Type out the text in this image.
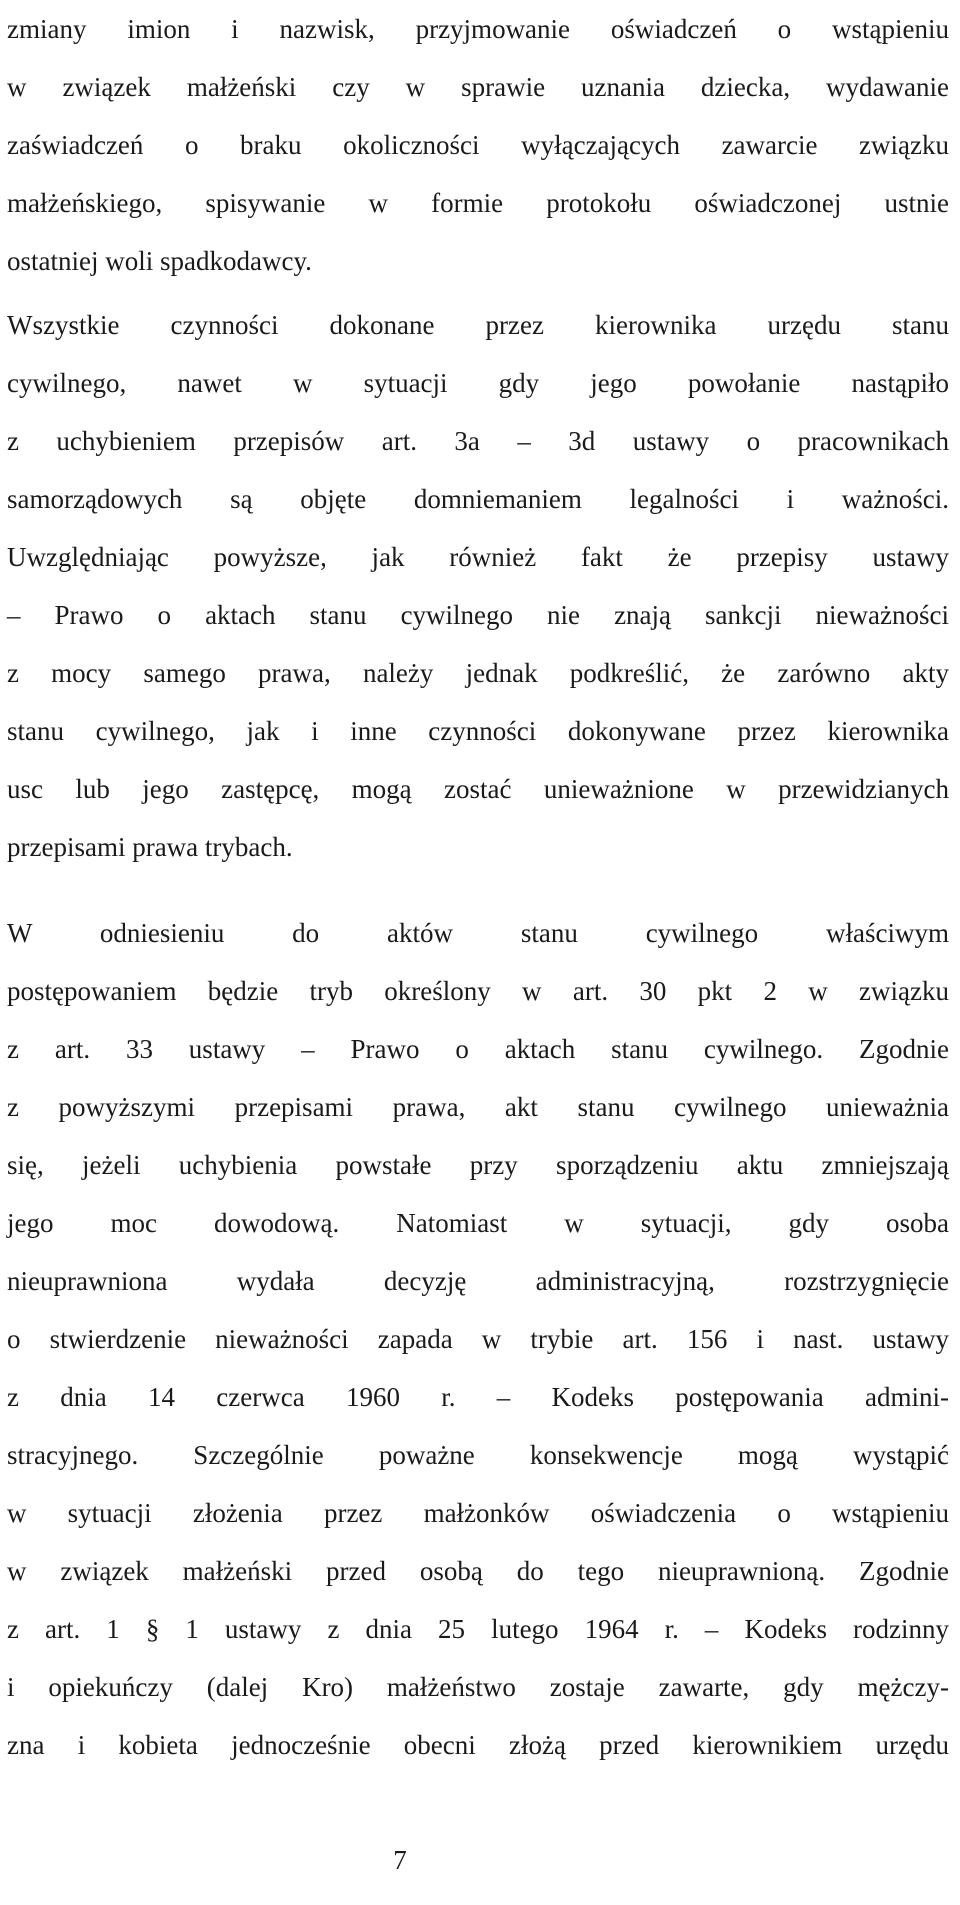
zmiany imion i nazwisk, przyjmowanie oświadczeń o wstąpieniu
w związek małżeński czy w sprawie uznania dziecka, wydawanie
zaświadczeń o braku okoliczności wyłączających zawarcie związku
małżeńskiego, spisywanie w formie protokołu oświadczonej ustnie
ostatniej woli spadkodawcy.
Wszystkie czynności dokonane przez kierownika urzędu stanu
cywilnego, nawet w sytuacji gdy jego powołanie nastąpiło
z uchybieniem przepisów art. 3a – 3d ustawy o pracownikach
samorządowych są objęte domniemaniem legalności i ważności.
Uwzględniając powyższe, jak również fakt że przepisy ustawy
– Prawo o aktach stanu cywilnego nie znają sankcji nieważności
z mocy samego prawa, należy jednak podkreślić, że zarówno akty
stanu cywilnego, jak i inne czynności dokonywane przez kierownika
usc lub jego zastępcę, mogą zostać unieważnione w przewidzianych
przepisami prawa trybach.
W odniesieniu do aktów stanu cywilnego właściwym
postępowaniem będzie tryb określony w art. 30 pkt 2 w związku
z art. 33 ustawy – Prawo o aktach stanu cywilnego. Zgodnie
z powyższymi przepisami prawa, akt stanu cywilnego unieważnia
się, jeżeli uchybienia powstałe przy sporządzeniu aktu zmniejszają
jego moc dowodową. Natomiast w sytuacji, gdy osoba
nieuprawniona wydała decyzję administracyjną, rozstrzygnięcie
o stwierdzenie nieważności zapada w trybie art. 156 i nast. ustawy
z dnia 14 czerwca 1960 r. – Kodeks postępowania admini-
stracyjnego. Szczególnie poważne konsekwencje mogą wystąpić
w sytuacji złożenia przez małżonków oświadczenia o wstąpieniu
w związek małżeński przed osobą do tego nieuprawnioną. Zgodnie
z art. 1 § 1 ustawy z dnia 25 lutego 1964 r. – Kodeks rodzinny
i opiekuńczy (dalej Kro) małżeństwo zostaje zawarte, gdy mężczy-
zna i kobieta jednocześnie obecni złożą przed kierownikiem urzędu
7
